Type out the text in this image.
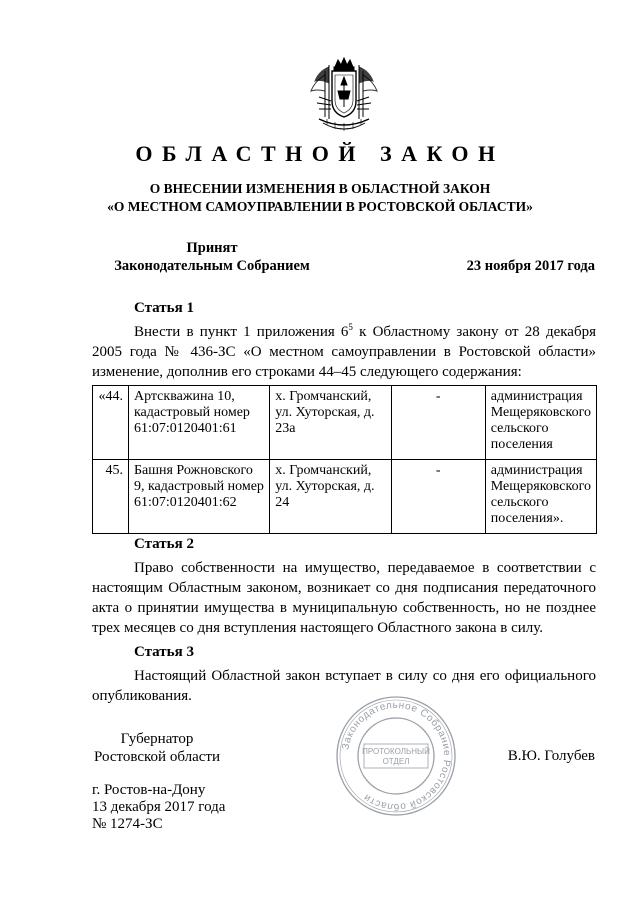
ОБЛАСТНОЙ ЗАКОН
О ВНЕСЕНИИ ИЗМЕНЕНИЯ В ОБЛАСТНОЙ ЗАКОН
«О МЕСТНОМ САМОУПРАВЛЕНИИ В РОСТОВСКОЙ ОБЛАСТИ»
Принят
Законодательным Собранием	23 ноября 2017 года
Статья 1
Внести в пункт 1 приложения $6^5$ к Областному закону от 28 декабря 2005 года № 436-ЗС «О местном самоуправлении в Ростовской области» изменение, дополнив его строками 44–45 следующего содержания:
«44.	Артскважина 10, кадастровый номер 61:07:0120401:61	х. Громчанский, ул. Хуторская, д. 23а	-	администрация Мещеряковского сельского поселения
45.	Башня Рожновского 9, кадастровый номер 61:07:0120401:62	х. Громчанский, ул. Хуторская, д. 24	-	администрация Мещеряковского сельского поселения».
Статья 2
Право собственности на имущество, передаваемое в соответствии с настоящим Областным законом, возникает со дня подписания передаточного акта о принятии имущества в муниципальную собственность, но не позднее трех месяцев со дня вступления настоящего Областного закона в силу.
Статья 3
Настоящий Областной закон вступает в силу со дня его официального опубликования.
Губернатор
Ростовской области	В.Ю. Голубев
Законодательное Собрание Ростовской области
ПРОТОКОЛЬНЫЙ
ОТДЕЛ
г. Ростов-на-Дону
13 декабря 2017 года
№ 1274-ЗС
